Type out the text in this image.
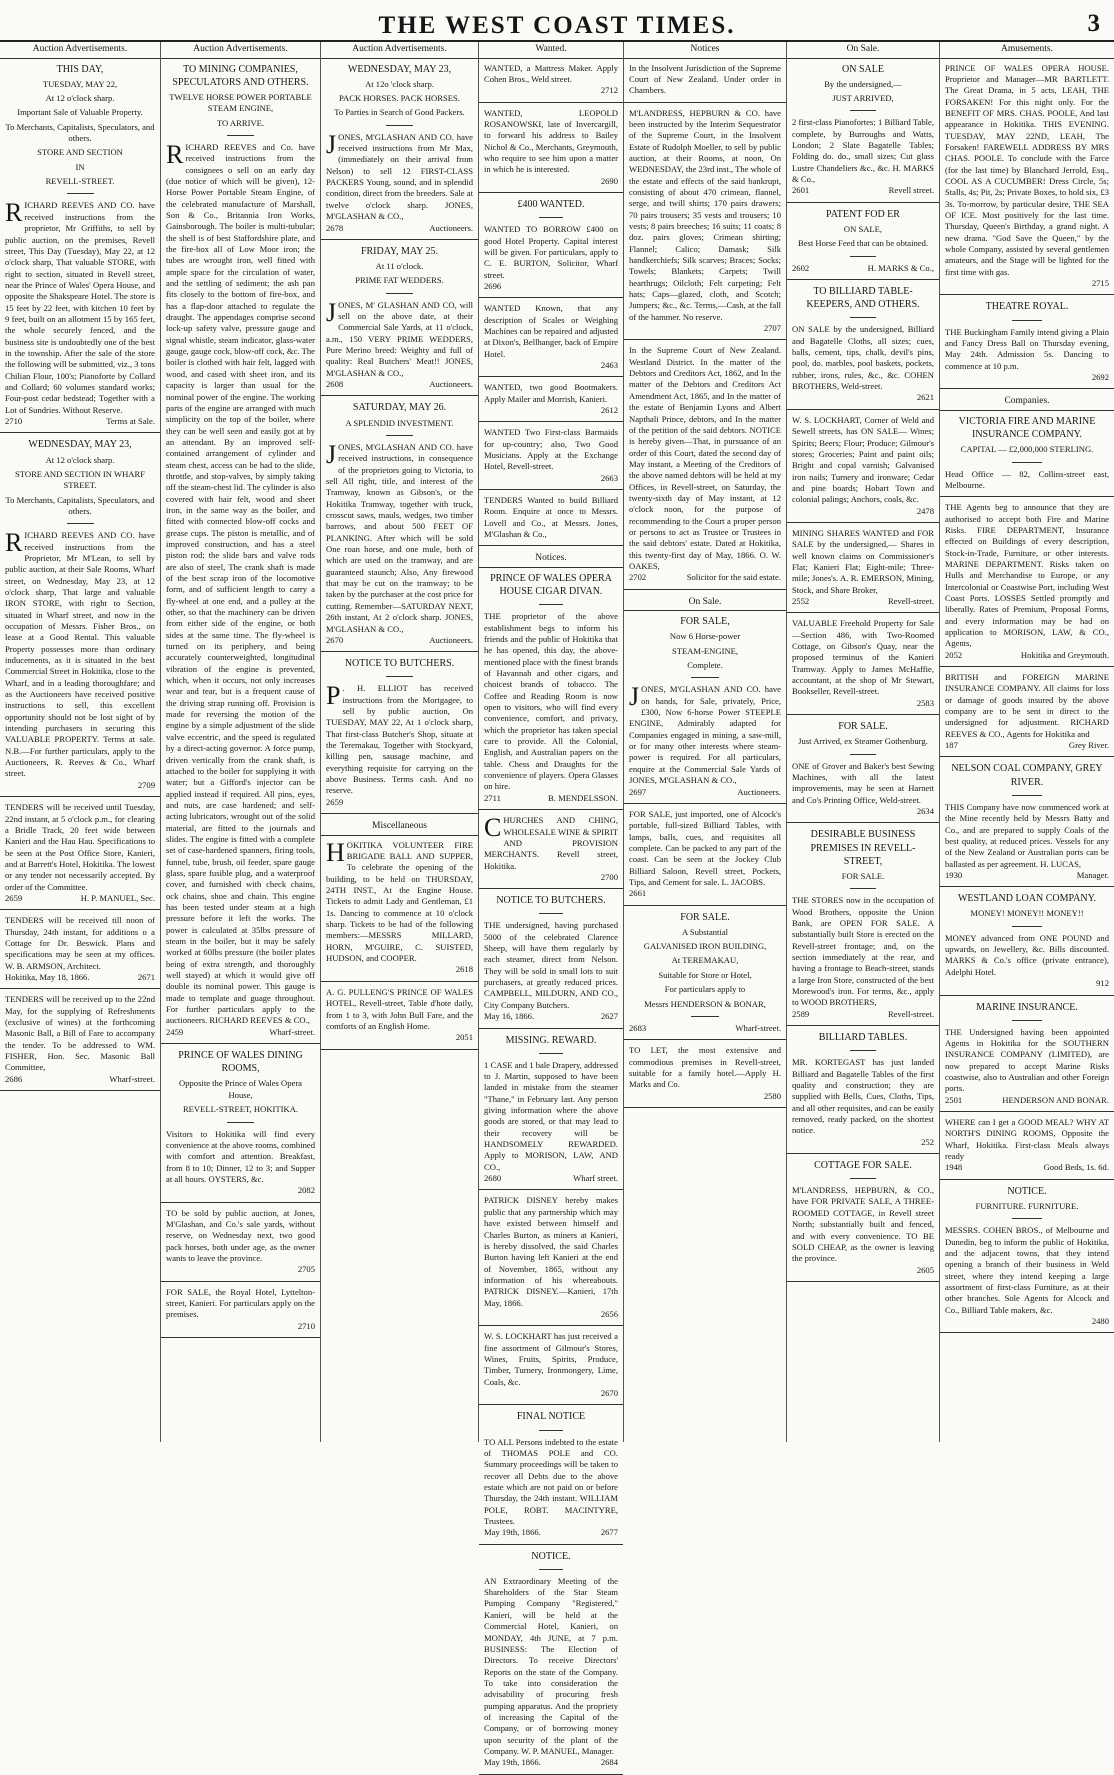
THE WEST COAST TIMES.	3
Auction Advertisements.
THIS DAY,
TUESDAY, MAY 22,
At 12 o'clock sharp.
Important Sale of Valuable Property.
To Merchants, Capitalists, Speculators, and others.
STORE AND SECTION
IN
REVELL-STREET.
RICHARD REEVES AND CO. have received instructions from the proprietor, Mr Griffiths, to sell by public auction, on the premises, Revell street, This Day (Tuesday), May 22, at 12 o'clock sharp, That valuable STORE, with right to section, situated in Revell street, near the Prince of Wales' Opera House, and opposite the Shakspeare Hotel. The store is 15 feet by 22 feet, with kitchen 10 feet by 9 feet, built on an allotment 15 by 165 feet, the whole securely fenced, and the business site is undoubtedly one of the best in the township. After the sale of the store the following will be submitted, viz., 3 tons Chilian Flour, 100's; Pianoforte by Collard and Collard; 60 volumes standard works; Four-post cedar bedstead; Together with a Lot of Sundries. Without Reserve.
2710	Terms at Sale.
WEDNESDAY, MAY 23,
At 12 o'clock sharp.
STORE AND SECTION IN WHARF STREET.
To Merchants, Capitalists, Speculators, and others.
RICHARD REEVES AND CO. have received instructions from the Proprietor, Mr M'Lean, to sell by public auction, at their Sale Rooms, Wharf street, on Wednesday, May 23, at 12 o'clock sharp, That large and valuable IRON STORE, with right to Section, situated in Wharf street, and now in the occupation of Messrs. Fisher Bros., on lease at a Good Rental. This valuable Property possesses more than ordinary inducements, as it is situated in the best Commercial Street in Hokitika, close to the Wharf, and in a leading thoroughfare; and as the Auctioneers have received positive instructions to sell, this excellent opportunity should not be lost sight of by intending purchasers in securing this VALUABLE PROPERTY. Terms at sale. N.B.—For further particulars, apply to the Auctioneers, R. Reeves & Co., Wharf street.
2709
TENDERS will be received until Tuesday, 22nd instant, at 5 o'clock p.m., for clearing a Bridle Track, 20 feet wide between Kanieri and the Hau Hau. Specifications to be seen at the Post Office Store, Kanieri, and at Barrett's Hotel, Hokitika. The lowest or any tender not necessarily accepted. By order of the Committee.
2659	H. P. MANUEL, Sec.
TENDERS will be received till noon of Thursday, 24th instant, for additions o a Cottage for Dr. Beswick. Plans and specifications may be seen at my offices. W. B. ARMSON, Architect.
Hokitika, May 18, 1866.	2671
TENDERS will be received up to the 22nd May, for the supplying of Refreshments (exclusive of wines) at the forthcoming Masonic Ball, a Bill of Fare to accompany the tender. To be addressed to WM. FISHER, Hon. Sec. Masonic Ball Committee,
2686	Wharf-street.
Auction Advertisements.
TO MINING COMPANIES, SPECULATORS AND OTHERS.
TWELVE HORSE POWER PORTABLE STEAM ENGINE,
TO ARRIVE.
RICHARD REEVES and Co. have received instructions from the consignees o sell on an early day (due notice of which will be given), 12-Horse Power Portable Steam Engine, of the celebrated manufacture of Marshall, Son & Co., Britannia Iron Works, Gainsborough. The boiler is multi-tubular; the shell is of best Staffordshire plate, and the fire-box all of Low Moor iron; the tubes are wrought iron, well fitted with ample space for the circulation of water, and the settling of sediment; the ash pan fits closely to the bottom of fire-box, and has a flap-door attached to regulate the draught. The appendages comprise second lock-up safety valve, pressure gauge and signal whistle, steam indicator, glass-water gauge, gauge cock, blow-off cock, &c. The boiler is clothed with hair felt, lagged with wood, and cased with sheet iron, and its capacity is larger than usual for the nominal power of the engine. The working parts of the engine are arranged with much simplicity on the top of the boiler, where they can be well seen and easily got at by an attendant. By an improved self-contained arrangement of cylinder and steam chest, access can be had to the slide, throttle, and stop-valves, by simply taking off the steam-chest lid. The cylinder is also covered with hair felt, wood and sheet iron, in the same way as the boiler, and fitted with connected blow-off cocks and grease cups. The piston is metallic, and of improved construction, and has a steel piston rod; the slide bars and valve rods are also of steel, The crank shaft is made of the best scrap iron of the locomotive form, and of sufficient length to carry a fly-wheel at one end, and a pulley at the other, so that the machinery can be driven from either side of the engine, or both sides at the same time. The fly-wheel is turned on its periphery, and being accurately counterweighted, longitudinal vibration of the engine is prevented, which, when it occurs, not only increases wear and tear, but is a frequent cause of the driving strap running off. Provision is made for reversing the motion of the engine by a simple adjustment of the slide valve eccentric, and the speed is regulated by a direct-acting governor. A force pump, driven vertically from the crank shaft, is attached to the boiler for supplying it with water; but a Gifford's injector can be applied instead if required. All pins, eyes, and nuts, are case hardened; and self-acting lubricators, wrought out of the solid material, are fitted to the journals and slides. The engine is fitted with a complete set of case-hardened spanners, firing tools, funnel, tube, brush, oil feeder, spare gauge glass, spare fusible plug, and a waterproof cover, and furnished with check chains, ock chains, shoe and chain. This engine has been tested under steam at a high pressure before it left the works. The power is calculated at 35lbs pressure of steam in the boiler, but it may be safely worked at 60lbs pressure (the boiler plates being of extra strength, and thoroughly well stayed) at which it would give off double its nominal power. This gauge is made to template and guage throughout. For further particulars apply to the auctioneers. RICHARD REEVES & CO.,
2459	Wharf-street.
PRINCE OF WALES DINING ROOMS,
Opposite the Prince of Wales Opera House,
REVELL-STREET, HOKITIKA.
Visitors to Hokitika will find every convenience at the above rooms, combined with comfort and attention. Breakfast, from 8 to 10; Dinner, 12 to 3; and Supper at all hours. OYSTERS, &c.
2082
TO be sold by public auction, at Jones, M'Glashan, and Co.'s sale yards, without reserve, on Wednesday next, two good pack horses, both under age, as the owner wants to leave the province.
2705
FOR SALE, the Royal Hotel, Lyttelton-street, Kanieri. For particulars apply on the premises.
2710
Auction Advertisements.
WEDNESDAY, MAY 23,
At 12o 'clock sharp.
PACK HORSES. PACK HORSES.
To Parties in Search of Good Packers.
JONES, M'GLASHAN AND CO. have received instructions from Mr Max, (immediately on their arrival from Nelson) to sell 12 FIRST-CLASS PACKERS Young, sound, and in splendid condition, direct from the breeders. Sale at twelve o'clock sharp. JONES, M'GLASHAN & CO.,
2678	Auctioneers.
FRIDAY, MAY 25.
At 11 o'clock.
PRIME FAT WEDDERS.
JONES, M' GLASHAN AND CO, will sell on the above date, at their Commercial Sale Yards, at 11 o'clock, a.m., 150 VERY PRIME WEDDERS, Pure Merino breed: Weighty and full of quality: Real Butchers' Meat!! JONES, M'GLASHAN & CO.,
2608	Auctioneers.
SATURDAY, MAY 26.
A SPLENDID INVESTMENT.
JONES, M'GLASHAN AND CO. have received instructions, in consequence of the proprietors going to Victoria, to sell All right, title, and interest of the Tramway, known as Gibson's, or the Hokitika Tramway, together with truck, crosscut saws, mauls, wedges, two timber barrows, and about 500 FEET OF PLANKING. After which will be sold One roan horse, and one mule, both of which are used on the tramway, and are guaranteed staunch; Also, Any firewood that may be cut on the tramway; to be taken by the purchaser at the cost price for cutting. Remember—SATURDAY NEXT, 26th instant, At 2 o'clock sharp. JONES, M'GLASHAN & CO.,
2670	Auctioneers.
NOTICE TO BUTCHERS.
P . H. ELLIOT has received instructions from the Mortgagee, to sell by public auction, On TUESDAY, MAY 22, At 1 o'clock sharp, That first-class Butcher's Shop, situate at the Teremakau, Together with Stockyard, killing pen, sausage machine, and everything requisite for carrying on the above Business. Terms cash. And no reserve.
2659
Miscellaneous
HOKITIKA VOLUNTEER FIRE BRIGADE BALL AND SUPPER, To celebrate the opening of the building, to be held on THURSDAY, 24TH INST., At the Engine House. Tickets to admit Lady and Gentleman, £1 1s. Dancing to commence at 10 o'clock sharp. Tickets to be had of the following members:—MESSRS MILLARD, HORN, M'GUIRE, C. SUISTED, HUDSON, and COOPER.
2618
A. G. PULLENG'S PRINCE OF WALES HOTEL, Revell-street, Table d'hote daily, from 1 to 3, with John Bull Fare, and the comforts of an English Home.
2051
Wanted.
WANTED, a Mattress Maker. Apply Cohen Bros., Weld street.
2712
WANTED, LEOPOLD ROSANOWSKI, late of Invercargill, to forward his address to Bailey Nichol & Co., Merchants, Greymouth, who require to see him upon a matter in which he is interested.
2690
£400 WANTED.
WANTED TO BORROW £400 on good Hotel Property. Capital interest will be given. For particulars, apply to C. E. BURTON, Solicitor, Wharf street.
2696
WANTED Known, that any description of Scales or Weighing Machines can be repaired and adjusted at Dixon's, Bellhanger, back of Empire Hotel.
2463
WANTED, two good Bootmakers. Apply Mailer and Morrish, Kanieri.
2612
WANTED Two First-class Barmaids for up-country; also, Two Good Musicians. Apply at the Exchange Hotel, Revell-street.
2663
TENDERS Wanted to build Billiard Room. Enquire at once to Messrs. Lovell and Co., at Messrs. Jones, M'Glashan & Co.,
Notices.
PRINCE OF WALES OPERA HOUSE CIGAR DIVAN.
THE proprietor of the above establishment begs to inform his friends and the public of Hokitika that he has opened, this day, the above-mentioned place with the finest brands of Havannah and other cigars, and choicest brands of tobacco. The Coffee and Reading Room is now open to visitors, who will find every convenience, comfort, and privacy, which the proprietor has taken special care to provide. All the Colonial, English, and Australian papers on the table. Chess and Draughts for the convenience of players. Opera Glasses on hire.
2711	B. MENDELSSON.
CHURCHES AND CHING, WHOLESALE WINE & SPIRIT AND PROVISION MERCHANTS. Revell street, Hokitika.
2700
NOTICE TO BUTCHERS.
THE undersigned, having purchased 5000 of the celebrated Clarence Sheep, will have them regularly by each steamer, direct from Nelson. They will be sold in small lots to suit purchasers, at greatly reduced prices. CAMPBELL, MILDURN, AND CO., City Company Butchers.
May 16, 1866.	2627
MISSING. REWARD.
1 CASE and 1 bale Drapery, addressed to J. Martin, supposed to have been landed in mistake from the steamer "Thane," in February last. Any person giving information where the above goods are stored, or that may lead to their recovery will be HANDSOMELY REWARDED. Apply to MORISON, LAW, AND CO.,
2680	Wharf street.
PATRICK DISNEY hereby makes public that any partnership which may have existed between himself and Charles Burton, as miners at Kanieri, is hereby dissolved, the said Charles Burton having left Kanieri at the end of November, 1865, without any information of his whereabouts. PATRICK DISNEY.—Kanieri, 17th May, 1866.
2656
W. S. LOCKHART has just received a fine assortment of Gilmour's Stores, Wines, Fruits, Spirits, Produce, Timber, Turnery, Ironmongery, Lime, Coals, &c.
2670
FINAL NOTICE
TO ALL Persons indebted to the estate of THOMAS POLE and CO. Summary proceedings will be taken to recover all Debts due to the above estate which are not paid on or before Thursday, the 24th instant. WILLIAM POLE, ROBT. MACINTYRE, Trustees.
May 19th, 1866.	2677
NOTICE.
AN Extraordinary Meeting of the Shareholders of the Star Steam Pumping Company "Registered," Kanieri, will be held at the Commercial Hotel, Kanieri, on MONDAY, 4th JUNE, at 7 p.m. BUSINESS: The Election of Directors. To receive Directors' Reports on the state of the Company. To take into consideration the advisability of procuring fresh pumping apparatus. And the propriety of increasing the Capital of the Company, or of borrowing money upon security of the plant of the Company. W. P. MANUEL, Manager.
May 19th, 1866.	2684
Notices
In the Insolvent Jurisdiction of the Supreme Court of New Zealand. Under order in Chambers.
M'LANDRESS, HEPBURN & CO. have been instructed by the Interim Sequestrator of the Supreme Court, in the Insolvent Estate of Rudolph Moeller, to sell by public auction, at their Rooms, at noon, On WEDNESDAY, the 23rd inst., The whole of the estate and effects of the said bankrupt, consisting of about 470 crimean, flannel, serge, and twill shirts; 170 pairs drawers; 70 pairs trousers; 35 vests and trousers; 10 vests; 8 pairs breeches; 16 suits; 11 coats; 8 doz. pairs gloves; Crimean shirting; Flannel; Calico; Damask; Silk handkerchiefs; Silk scarves; Braces; Socks; Towels; Blankets; Carpets; Twill hearthrugs; Oilcloth; Felt carpeting; Felt hats; Caps—glazed, cloth, and Scotch; Jumpers; &c., &c. Terms,—Cash, at the fall of the hammer. No reserve.
2707
In the Supreme Court of New Zealand. Westland District. In the matter of the Debtors and Creditors Act, 1862, and In the matter of the Debtors and Creditors Act Amendment Act, 1865, and In the matter of the estate of Benjamin Lyons and Albert Napthali Prince, debtors, and In the matter of the petition of the said debtors. NOTICE is hereby given—That, in pursuance of an order of this Court, dated the second day of May instant, a Meeting of the Creditors of the above named debtors will be held at my Offices, in Revell-street, on Saturday, the twenty-sixth day of May instant, at 12 o'clock noon, for the purpose of recommending to the Court a proper person or persons to act as Trustee or Trustees in the said debtors' estate. Dated at Hokitika, this twenty-first day of May, 1866. O. W. OAKES,
2702	Solicitor for the said estate.
On Sale.
FOR SALE,
Now 6 Horse-power
STEAM-ENGINE,
Complete.
JONES, M'GLASHAN AND CO. have on hands, for Sale, privately, Price, £300, Now 6-horse Power STEEPLE ENGINE, Admirably adapted for Companies engaged in mining, a saw-mill, or for many other interests where steam-power is required. For all particulars, enquire at the Commercial Sale Yards of JONES, M'GLASHAN & CO.,
2697	Auctioneers.
FOR SALE, just imported, one of Alcock's portable, full-sized Billiard Tables, with lamps, balls, cues, and requisites all complete. Can be packed to any part of the coast. Can be seen at the Jockey Club Billiard Saloon, Revell street, Pockets, Tips, and Cement for sale. L. JACOBS.
2661
FOR SALE.
A Substantial
GALVANISED IRON BUILDING,
At TEREMAKAU,
Suitable for Store or Hotel,
For particulars apply to
Messrs HENDERSON & BONAR,
2683	Wharf-street.
TO LET, the most extensive and commodious premises in Revell-street, suitable for a family hotel.—Apply H. Marks and Co.
2580
On Sale.
ON SALE
By the undersigned,—
JUST ARRIVED,
2 first-class Pianofortes; 1 Billiard Table, complete, by Burroughs and Watts, London; 2 Slate Bagatelle Tables; Folding do. do., small sizes; Cut glass Lustre Chandeliers &c., &c. H. MARKS & Co.,
2601	Revell street.
PATENT FOD ER
ON SALE,
Best Horse Feed that can be obtained.
2602	H. MARKS & Co.,
TO BILLIARD TABLE-KEEPERS, AND OTHERS.
ON SALE by the undersigned, Billiard and Bagatelle Cloths, all sizes; cues, balls, cement, tips, chalk, devil's pins, pool, do. marbles, pool baskets, pockets, rubber, irons, rules, &c., &c. COHEN BROTHERS, Weld-street.
2621
W. S. LOCKHART, Corner of Weld and Sewell streets, has ON SALE— Wines; Spirits; Beers; Flour; Produce; Gilmour's stores; Groceries; Paint and paint oils; Bright and copal varnish; Galvanised iron nails; Turnery and ironware; Cedar and pine boards; Hobart Town and colonial palings; Anchors, coals, &c.
2478
MINING SHARES WANTED and FOR SALE by the undersigned,— Shares in well known claims on Commissioner's Flat; Kanieri Flat; Eight-mile; Three-mile; Jones's. A. R. EMERSON, Mining, Stock, and Share Broker,
2552	Revell-street.
VALUABLE Freehold Property for Sale—Section 486, with Two-Roomed Cottage, on Gibson's Quay, near the proposed terminus of the Kanieri Tramway. Apply to James McHaffie, accountant, at the shop of Mr Stewart, Bookseller, Revell-street.
2583
FOR SALE.
Just Arrived, ex Steamer Gothenburg.
ONE of Grover and Baker's best Sewing Machines, with all the latest improvements, may be seen at Harnett and Co's Printing Office, Weld-street.
2634
DESIRABLE BUSINESS PREMISES IN REVELL-STREET,
FOR SALE.
THE STORES now in the occupation of Wood Brothers, opposite the Union Bank, are OPEN FOR SALE. A substantially built Store is erected on the Revell-street frontage; and, on the section immediately at the rear, and having a frontage to Beach-street, stands a large Iron Store, constructed of the best Morewood's iron. For terms, &c., apply to WOOD BROTHERS,
2589	Revell-street.
BILLIARD TABLES.
MR. KORTEGAST has just landed Billiard and Bagatelle Tables of the first quality and construction; they are supplied with Bells, Cues, Cloths, Tips, and all other requisites, and can be easily removed, ready packed, on the shortest notice.
252
COTTAGE FOR SALE.
M'LANDRESS, HEPBURN, & CO., have FOR PRIVATE SALE, A THREE-ROOMED COTTAGE, in Revell street North; substantially built and fenced, and with every convenience. TO BE SOLD CHEAP, as the owner is leaving the province.
2605
Amusements.
PRINCE OF WALES OPERA HOUSE. Proprietor and Manager—MR BARTLETT. The Great Drama, in 5 acts, LEAH, THE FORSAKEN! For this night only. For the BENEFIT OF MRS. CHAS. POOLE, And last appearance in Hokitika. THIS EVENING. TUESDAY, MAY 22ND, LEAH, The Forsaken! FAREWELL ADDRESS BY MRS CHAS. POOLE. To conclude with the Farce (for the last time) by Blanchard Jerrold, Esq., COOL AS A CUCUMBER! Dress Circle, 5s; Stalls, 4s; Pit, 2s; Private Boxes, to hold six, £3 3s. To-morrow, by particular desire, THE SEA OF ICE. Most positively for the last time. Thursday, Queen's Birthday, a grand night. A new drama. "God Save the Queen," by the whole Company, assisted by several gentlemen amateurs, and the Stage will be lighted for the first time with gas.
2715
THEATRE ROYAL.
THE Buckingham Family intend giving a Plain and Fancy Dress Ball on Thursday evening, May 24th. Admission 5s. Dancing to commence at 10 p.m.
2692
Companies.
VICTORIA FIRE AND MARINE INSURANCE COMPANY.
CAPITAL — £2,000,000 STERLING.
Head Office — 82, Collins-street east, Melbourne.
THE Agents beg to announce that they are authorised to accept both Fire and Marine Risks. FIRE DEPARTMENT, Insurance effected on Buildings of every description, Stock-in-Trade, Furniture, or other interests. MARINE DEPARTMENT. Risks taken on Hulls and Merchandise to Europe, or any Intercolonial or Coastwise Port, including West Coast Ports. LOSSES Settled promptly and liberally. Rates of Premium, Proposal Forms, and every information may be had on application to MORISON, LAW, & CO., Agents,
2052	Hokitika and Greymouth.
BRITISH and FOREIGN MARINE INSURANCE COMPANY. All claims for loss or damage of goods insured by the above company are to be sent in direct to the undersigned for adjustment. RICHARD REEVES & CO., Agents for Hokitika and
187	Grey River.
NELSON COAL COMPANY, GREY RIVER.
THIS Company have now commenced work at the Mine recently held by Messrs Batty and Co., and are prepared to supply Coals of the best quality, at reduced prices. Vessels for any of the New Zealand or Australian ports can be ballasted as per agreement. H. LUCAS,
1930	Manager.
WESTLAND LOAN COMPANY.
MONEY! MONEY!! MONEY!!
MONEY advanced from ONE POUND and upwards, on Jewellery, &c. Bills discounted. MARKS & Co.'s office (private entrance), Adelphi Hotel.
912
MARINE INSURANCE.
THE Undersigned having been appointed Agents in Hokitika for the SOUTHERN INSURANCE COMPANY (LIMITED), are now prepared to accept Marine Risks coastwise, also to Australian and other Foreign ports.
2501	HENDERSON AND BONAR.
WHERE can I get a GOOD MEAL? WHY AT NORTH'S DINING ROOMS, Opposite the Wharf, Hokitika. First-class Meals always ready
1948	Good Beds, 1s. 6d.
NOTICE.
FURNITURE. FURNITURE.
MESSRS. COHEN BROS., of Melbourne and Dunedin, beg to inform the public of Hokitika, and the adjacent towns, that they intend opening a branch of their business in Weld street, where they intend keeping a large assortment of first-class Furniture, as at their other branches. Sole Agents for Alcock and Co., Billiard Table makers, &c.
2480
